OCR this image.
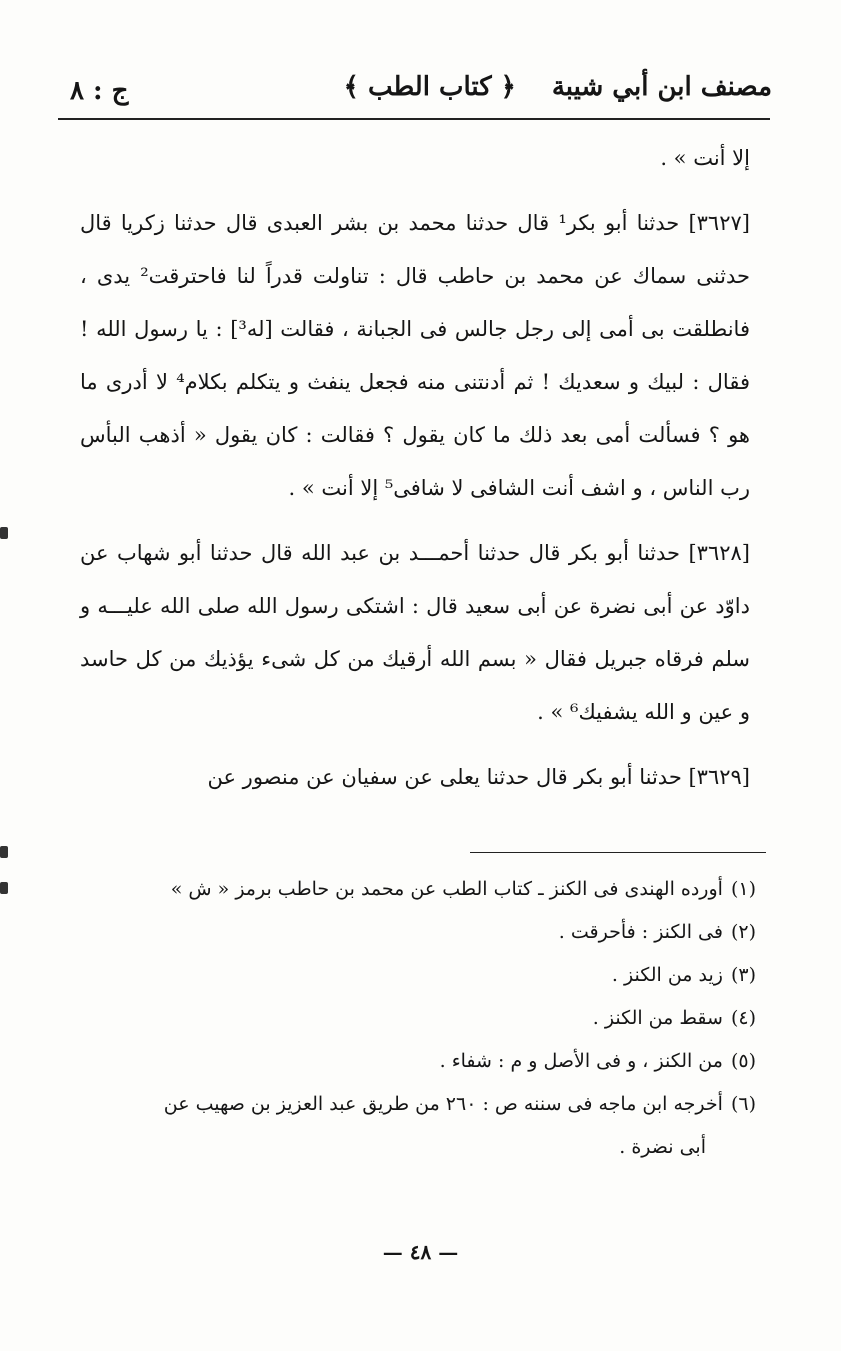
مصنف ابن أبي شيبة
﴿ كتاب الطب ﴾
ج : ٨

إلا أنت » .

[٣٦٢٧] حدثنا أبو بكر¹ قال حدثنا محمد بن بشر العبدى قال حدثنا زكريا قال حدثنى سماك عن محمد بن حاطب قال : تناولت قدراً لنا فاحترقت² يدى ، فانطلقت بى أمى إلى رجل جالس فى الجبانة ، فقالت [له³] : يا رسول الله ! فقال : لبيك و سعديك ! ثم أدنتنى منه فجعل ينفث و يتكلم بكلام⁴ لا أدرى ما هو ؟ فسألت أمى بعد ذلك ما كان يقول ؟ فقالت : كان يقول « أذهب البأس رب الناس ، و اشف أنت الشافى لا شافى⁵ إلا أنت » .

[٣٦٢٨] حدثنا أبو بكر قال حدثنا أحمـــد بن عبد الله قال حدثنا أبو شهاب عن داوّد عن أبى نضرة عن أبى سعيد قال : اشتكى رسول الله صلى الله عليـــه و سلم فرقاه جبريل فقال « بسم الله أرقيك من كل شىء يؤذيك من كل حاسد و عين و الله يشفيك⁶ » .

[٣٦٢٩] حدثنا أبو بكر قال حدثنا يعلى عن سفيان عن منصور عن

(١)أورده الهندى فى الكنز ـ كتاب الطب عن محمد بن حاطب برمز « ش »

(٢)فى الكنز : فأحرقت .

(٣)زيد من الكنز .

(٤)سقط من الكنز .

(٥)من الكنز ، و فى الأصل و م : شفاء .

(٦)أخرجه ابن ماجه فى سننه ص : ٢٦٠ من طريق عبد العزيز بن صهيب عن

أبى نضرة .

— ٤٨ —
